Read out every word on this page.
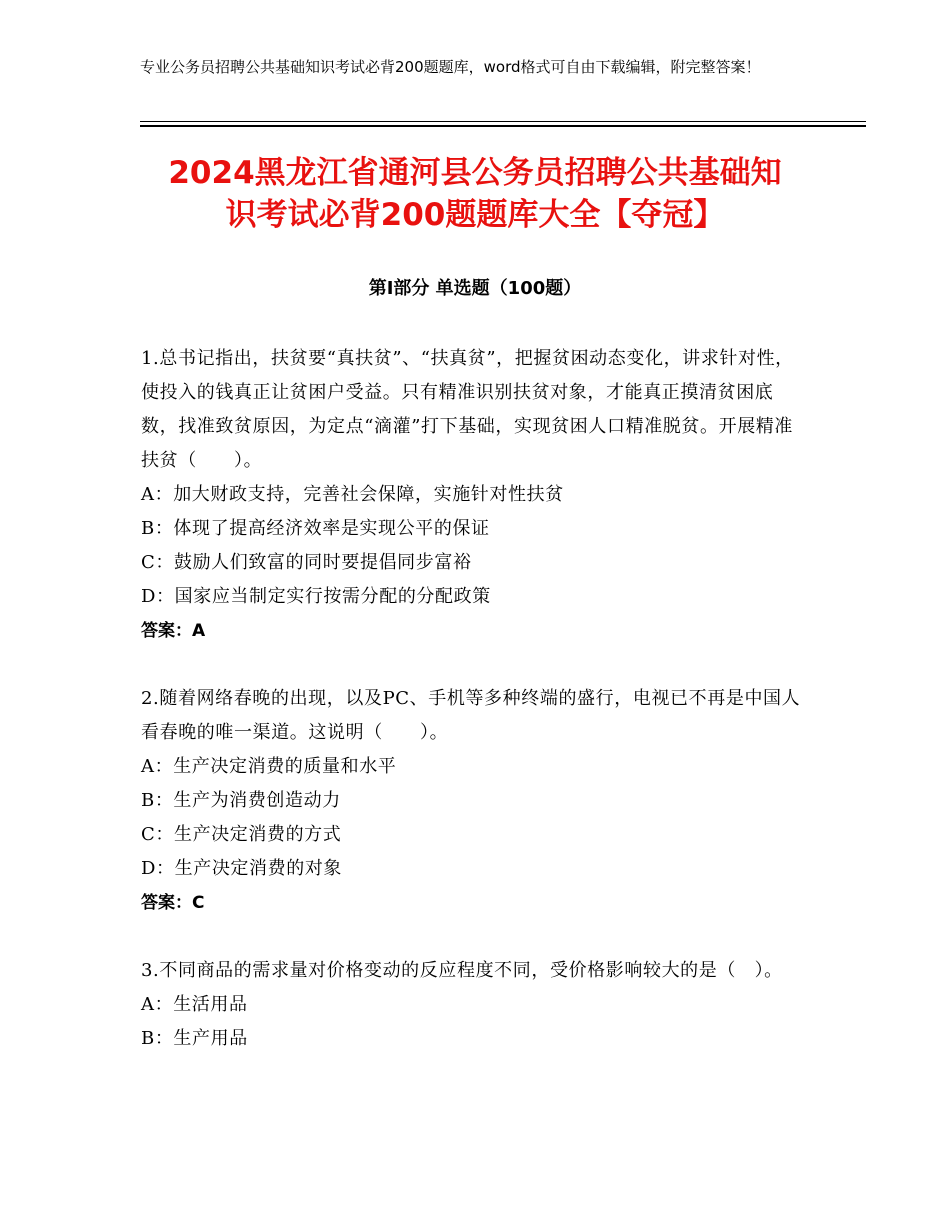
专业公务员招聘公共基础知识考试必背200题题库，word格式可自由下载编辑，附完整答案！
2024黑龙江省通河县公务员招聘公共基础知
识考试必背200题题库大全【夺冠】
第Ⅰ部分 单选题（100题）

1.总书记指出，扶贫要“真扶贫”、“扶真贫”，把握贫困动态变化，讲求针对性，使投入的钱真正让贫困户受益。只有精准识别扶贫对象，才能真正摸清贫困底数，找准致贫原因，为定点“滴灌”打下基础，实现贫困人口精准脱贫。开展精准扶贫（　　）。

A：加大财政支持，完善社会保障，实施针对性扶贫

B：体现了提高经济效率是实现公平的保证

C：鼓励人们致富的同时要提倡同步富裕

D：国家应当制定实行按需分配的分配政策

答案：A

2.随着网络春晚的出现，以及PC、手机等多种终端的盛行，电视已不再是中国人看春晚的唯一渠道。这说明（　　）。

A：生产决定消费的质量和水平

B：生产为消费创造动力

C：生产决定消费的方式

D：生产决定消费的对象

答案：C

3.不同商品的需求量对价格变动的反应程度不同，受价格影响较大的是（　）。

A：生活用品

B：生产用品
